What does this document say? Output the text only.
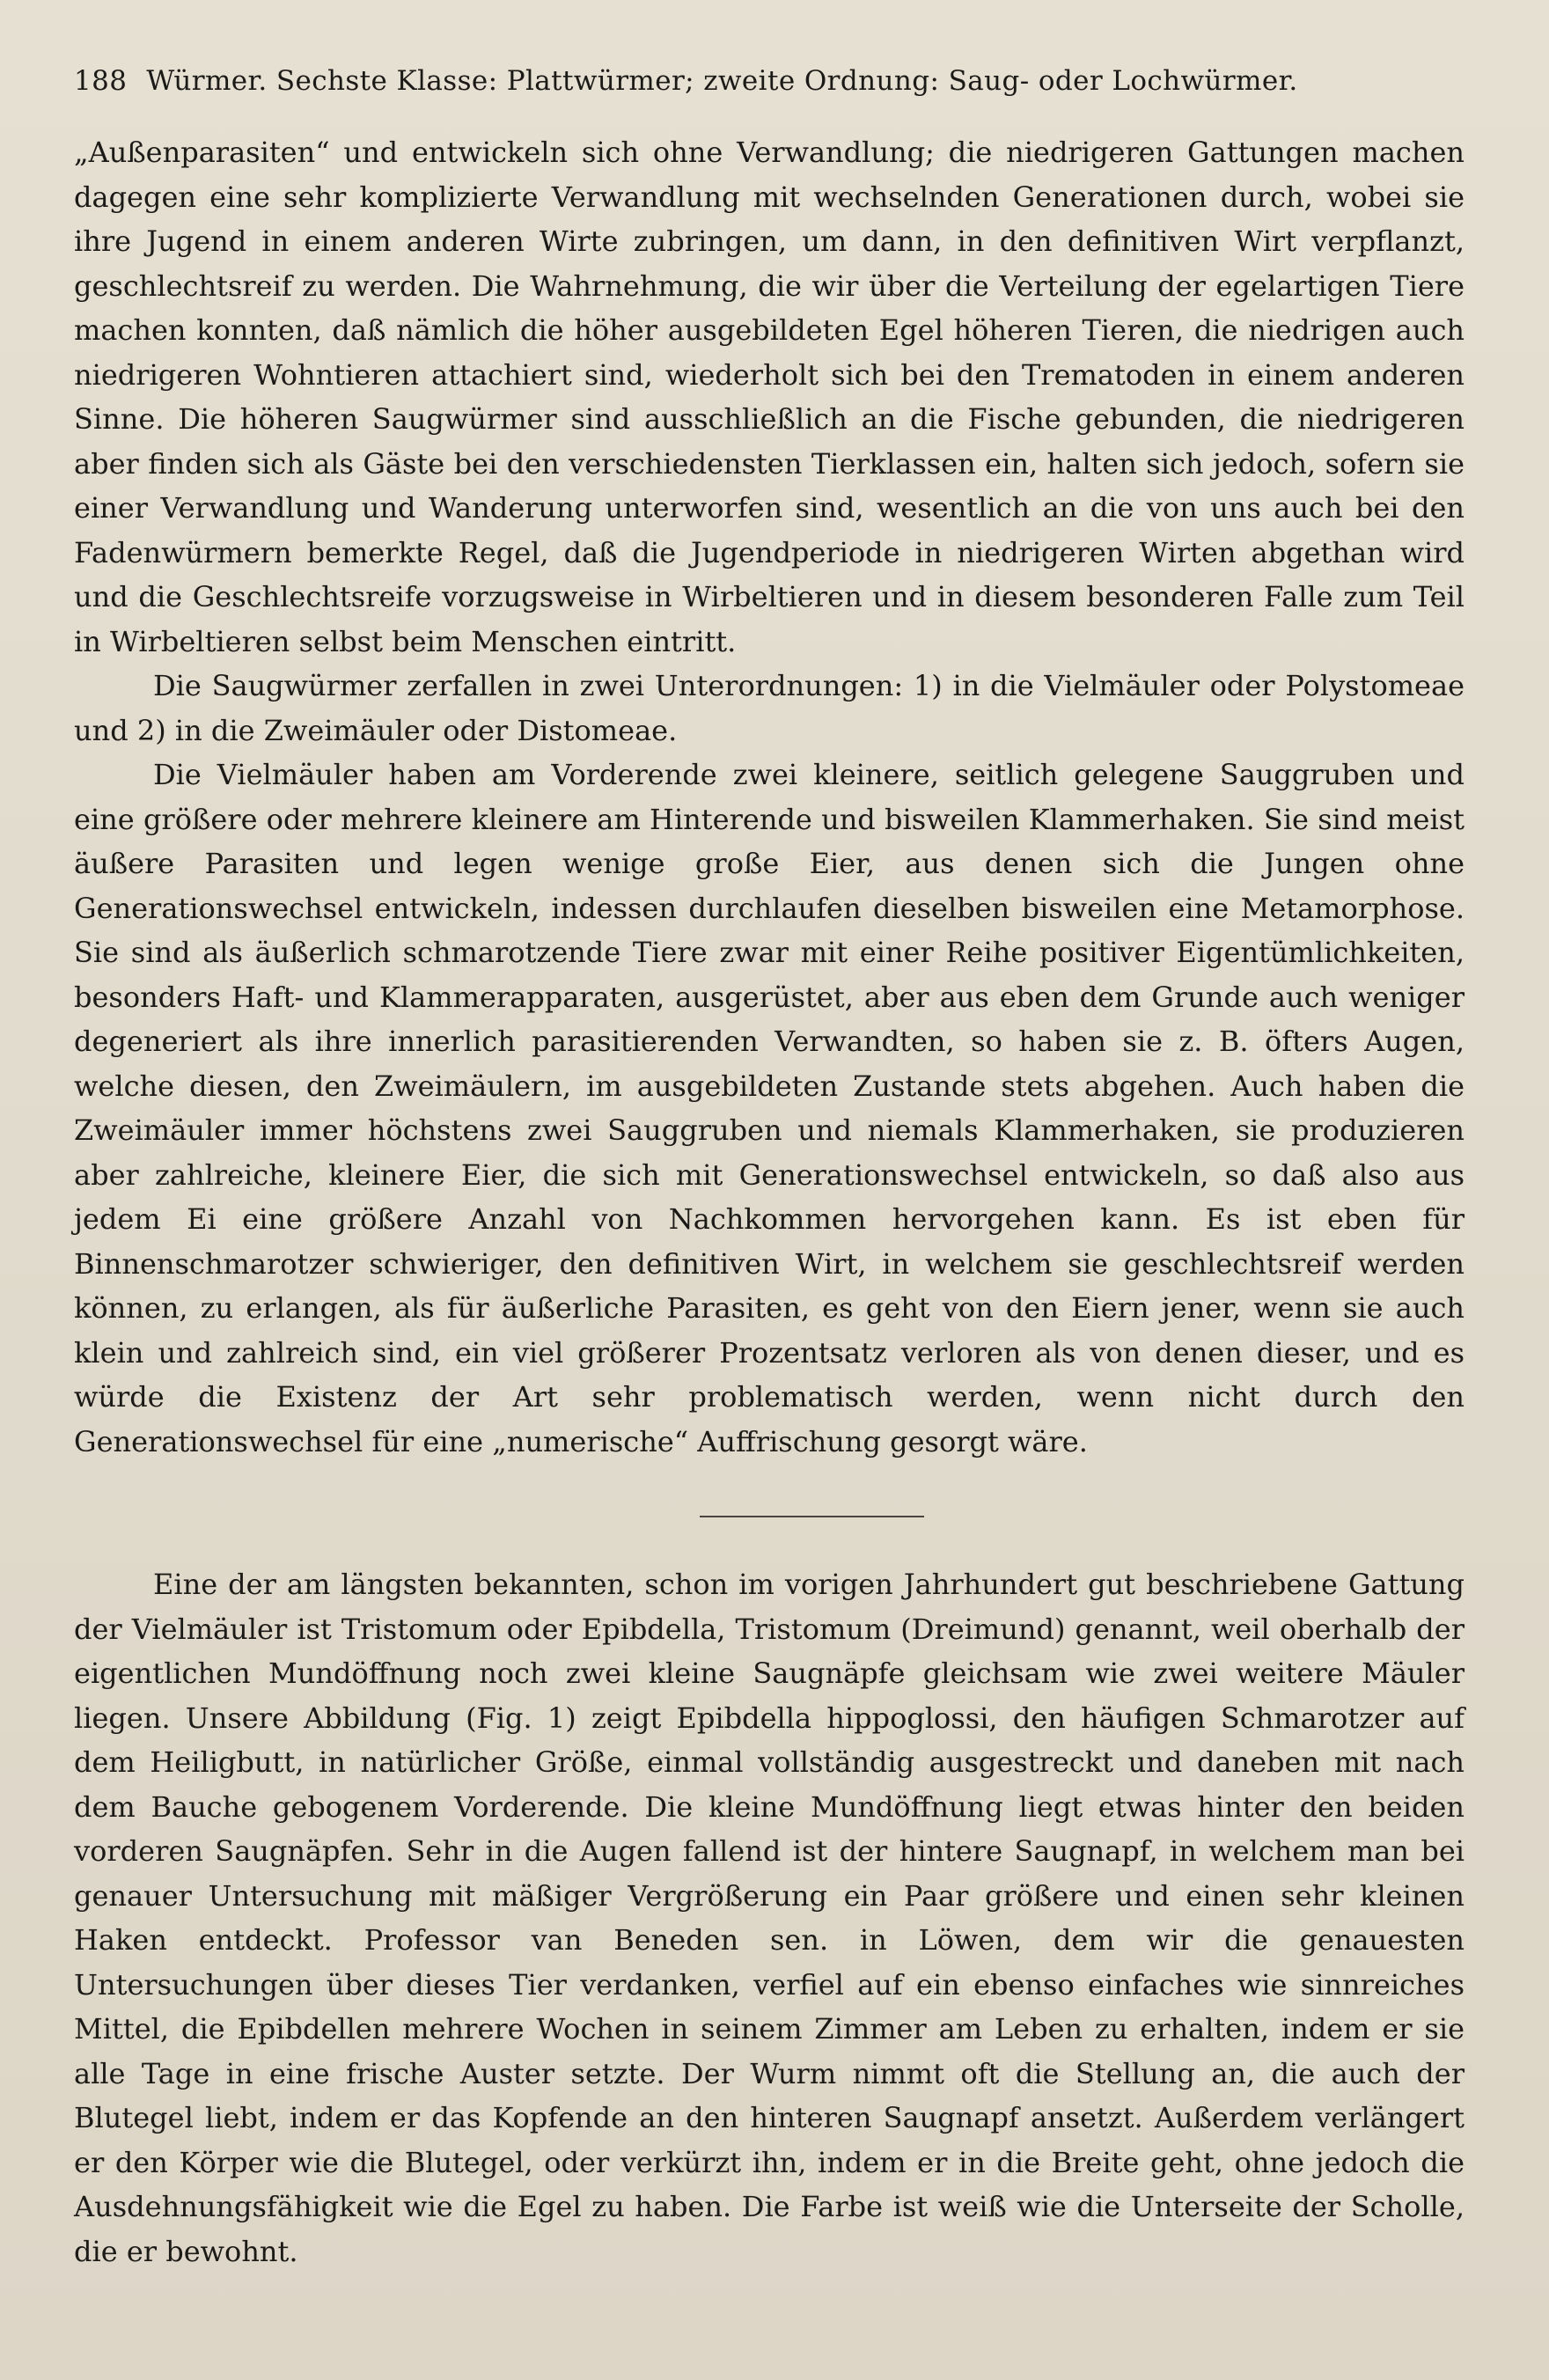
188 Würmer. Sechste Klasse: Plattwürmer; zweite Ordnung: Saug- oder Lochwürmer.

„Außenparasiten“ und entwickeln sich ohne Verwandlung; die niedrigeren Gattungen machen dagegen eine sehr komplizierte Verwandlung mit wechselnden Generationen durch, wobei sie ihre Jugend in einem anderen Wirte zubringen, um dann, in den definitiven Wirt verpflanzt, geschlechtsreif zu werden. Die Wahrnehmung, die wir über die Verteilung der egelartigen Tiere machen konnten, daß nämlich die höher ausgebildeten Egel höheren Tieren, die niedrigen auch niedrigeren Wohntieren attachiert sind, wiederholt sich bei den Trematoden in einem anderen Sinne. Die höheren Saugwürmer sind ausschließlich an die Fische gebunden, die niedrigeren aber finden sich als Gäste bei den verschiedensten Tierklassen ein, halten sich jedoch, sofern sie einer Verwandlung und Wanderung unterworfen sind, wesentlich an die von uns auch bei den Fadenwürmern bemerkte Regel, daß die Jugendperiode in niedrigeren Wirten abgethan wird und die Geschlechtsreife vorzugsweise in Wirbeltieren und in diesem besonderen Falle zum Teil in Wirbeltieren selbst beim Menschen eintritt.

Die Saugwürmer zerfallen in zwei Unterordnungen: 1) in die Vielmäuler oder Polystomeae und 2) in die Zweimäuler oder Distomeae.

Die Vielmäuler haben am Vorderende zwei kleinere, seitlich gelegene Sauggruben und eine größere oder mehrere kleinere am Hinterende und bisweilen Klammerhaken. Sie sind meist äußere Parasiten und legen wenige große Eier, aus denen sich die Jungen ohne Generationswechsel entwickeln, indessen durchlaufen dieselben bisweilen eine Metamorphose. Sie sind als äußerlich schmarotzende Tiere zwar mit einer Reihe positiver Eigentümlichkeiten, besonders Haft- und Klammerapparaten, ausgerüstet, aber aus eben dem Grunde auch weniger degeneriert als ihre innerlich parasitierenden Verwandten, so haben sie z. B. öfters Augen, welche diesen, den Zweimäulern, im ausgebildeten Zustande stets abgehen. Auch haben die Zweimäuler immer höchstens zwei Sauggruben und niemals Klammerhaken, sie produzieren aber zahlreiche, kleinere Eier, die sich mit Generationswechsel entwickeln, so daß also aus jedem Ei eine größere Anzahl von Nachkommen hervorgehen kann. Es ist eben für Binnenschmarotzer schwieriger, den definitiven Wirt, in welchem sie geschlechtsreif werden können, zu erlangen, als für äußerliche Parasiten, es geht von den Eiern jener, wenn sie auch klein und zahlreich sind, ein viel größerer Prozentsatz verloren als von denen dieser, und es würde die Existenz der Art sehr problematisch werden, wenn nicht durch den Generationswechsel für eine „numerische“ Auffrischung gesorgt wäre.

Eine der am längsten bekannten, schon im vorigen Jahrhundert gut beschriebene Gattung der Vielmäuler ist Tristomum oder Epibdella, Tristomum (Dreimund) genannt, weil oberhalb der eigentlichen Mundöffnung noch zwei kleine Saugnäpfe gleichsam wie zwei weitere Mäuler liegen. Unsere Abbildung (Fig. 1) zeigt Epibdella hippoglossi, den häufigen Schmarotzer auf dem Heiligbutt, in natürlicher Größe, einmal vollständig ausgestreckt und daneben mit nach dem Bauche gebogenem Vorderende. Die kleine Mundöffnung liegt etwas hinter den beiden vorderen Saugnäpfen. Sehr in die Augen fallend ist der hintere Saugnapf, in welchem man bei genauer Untersuchung mit mäßiger Vergrößerung ein Paar größere und einen sehr kleinen Haken entdeckt. Professor van Beneden sen. in Löwen, dem wir die genauesten Untersuchungen über dieses Tier verdanken, verfiel auf ein ebenso einfaches wie sinnreiches Mittel, die Epibdellen mehrere Wochen in seinem Zimmer am Leben zu erhalten, indem er sie alle Tage in eine frische Auster setzte. Der Wurm nimmt oft die Stellung an, die auch der Blutegel liebt, indem er das Kopfende an den hinteren Saugnapf ansetzt. Außerdem verlängert er den Körper wie die Blutegel, oder verkürzt ihn, indem er in die Breite geht, ohne jedoch die Ausdehnungsfähigkeit wie die Egel zu haben. Die Farbe ist weiß wie die Unterseite der Scholle, die er bewohnt.
